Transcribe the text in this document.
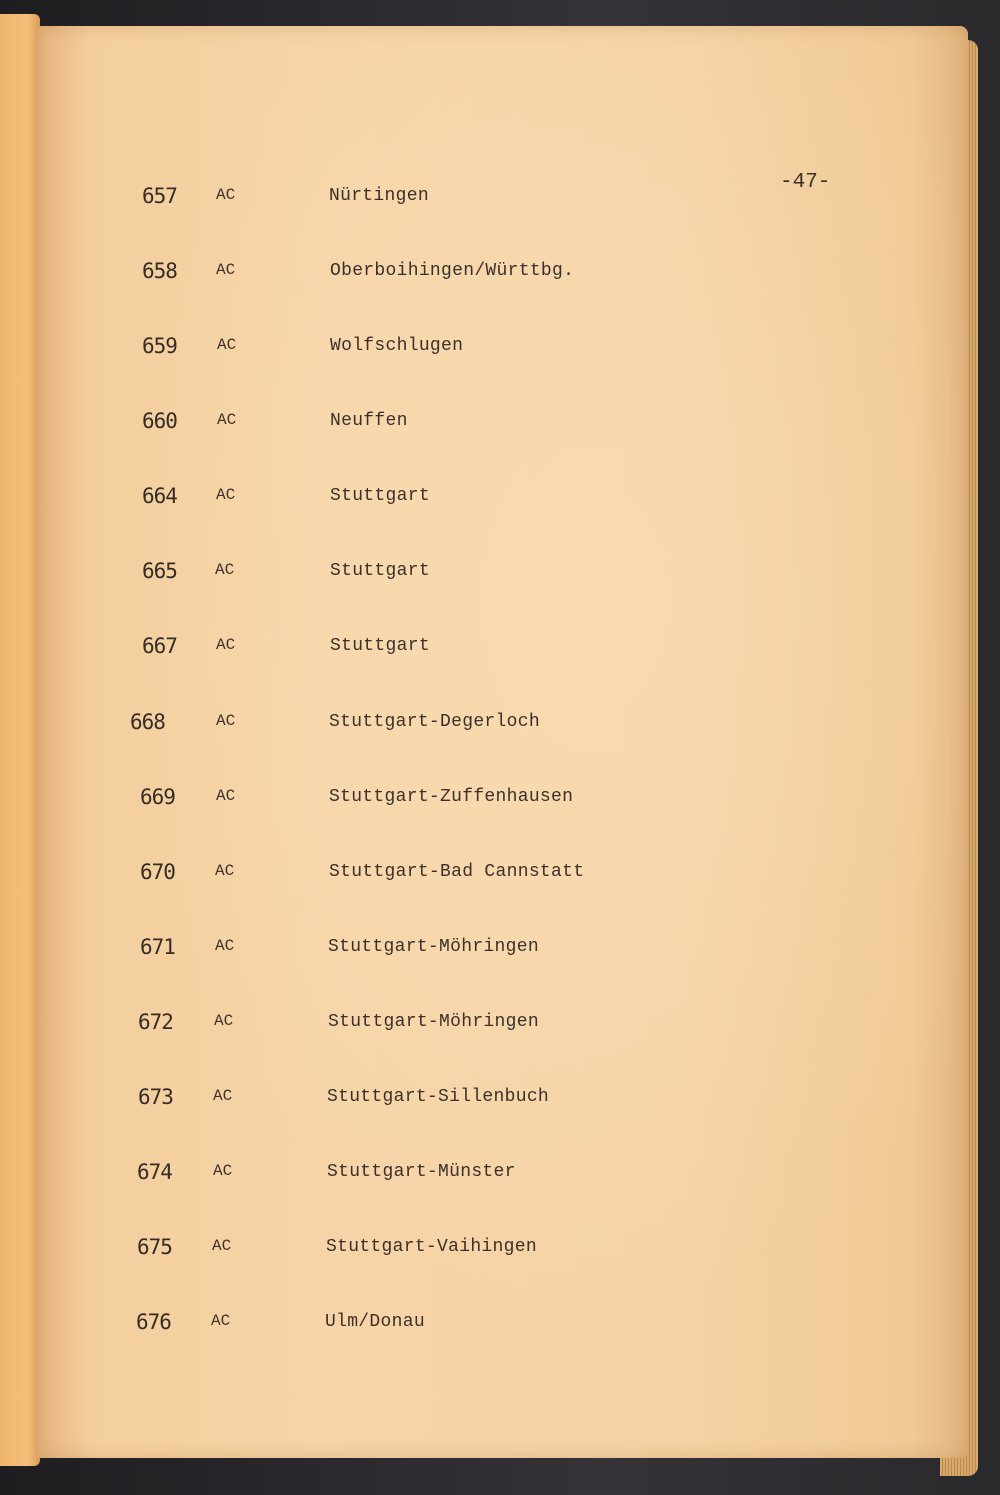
-47-
657 AC	Nürtingen
658 AC	Oberboihingen/Württbg.
659	AC	Wolfschlugen
660	AC	Neuffen
664 AC	Stuttgart
665 AC	Stuttgart
667 AC	Stuttgart
668	AC	Stuttgart-Degerloch
669	AC	Stuttgart-Zuffenhausen
670	AC	Stuttgart-Bad Cannstatt
671	AC	Stuttgart-Möhringen
672	AC	Stuttgart-Möhringen
673	AC	Stuttgart-Sillenbuch
674	AC	Stuttgart-Münster
675	AC	Stuttgart-Vaihingen
676	AC	Ulm/Donau
